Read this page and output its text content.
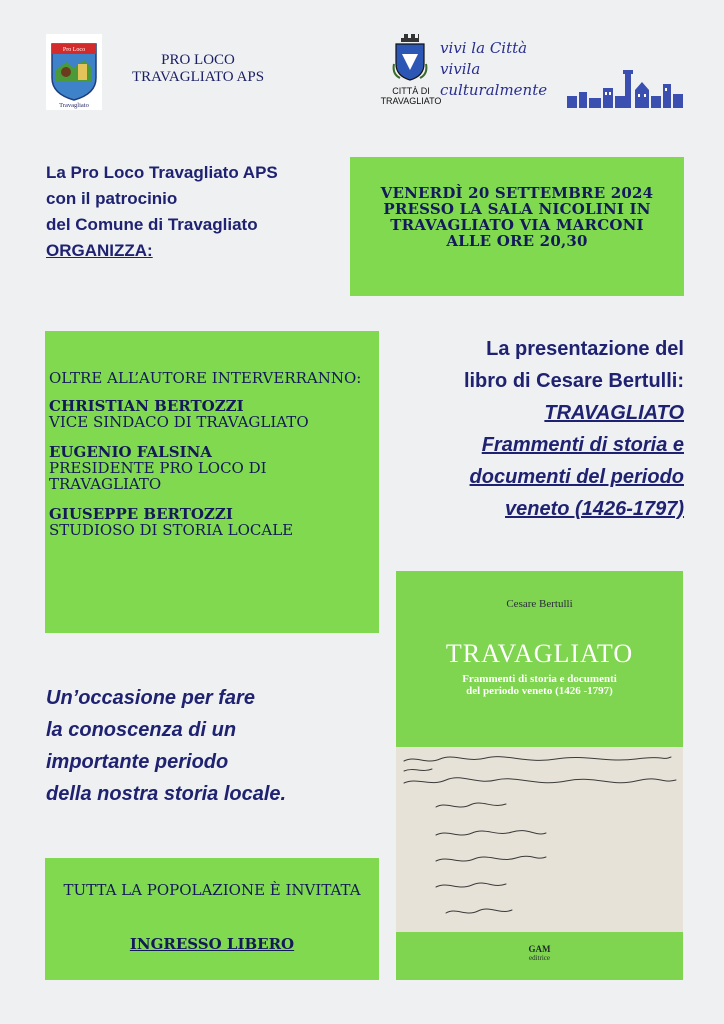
Pro Loco
Travagliato
PRO LOCO
TRAVAGLIATO APS
CITTÀ DI
TRAVAGLIATO
vivi la Città
vivila
culturalmente
La Pro Loco Travagliato APS
con il patrocinio
del Comune di Travagliato
ORGANIZZA:
VENERDÌ 20 SETTEMBRE 2024
PRESSO LA SALA NICOLINI IN
TRAVAGLIATO VIA MARCONI
ALLE ORE 20,30
OLTRE ALL’AUTORE INTERVERRANNO:
CHRISTIAN BERTOZZI
VICE SINDACO DI TRAVAGLIATO
EUGENIO FALSINA
PRESIDENTE PRO LOCO DI TRAVAGLIATO
GIUSEPPE BERTOZZI
STUDIOSO DI STORIA LOCALE
La presentazione del
libro di Cesare Bertulli:
TRAVAGLIATO
Frammenti di storia e
documenti del periodo
veneto (1426-1797)
Cesare Bertulli
TRAVAGLIATO
Frammenti di storia e documenti
del periodo veneto (1426 -1797)
GAM
editrice
Un’occasione per fare
la conoscenza di un
importante periodo
della nostra storia locale.
TUTTA LA POPOLAZIONE È INVITATA
INGRESSO LIBERO
